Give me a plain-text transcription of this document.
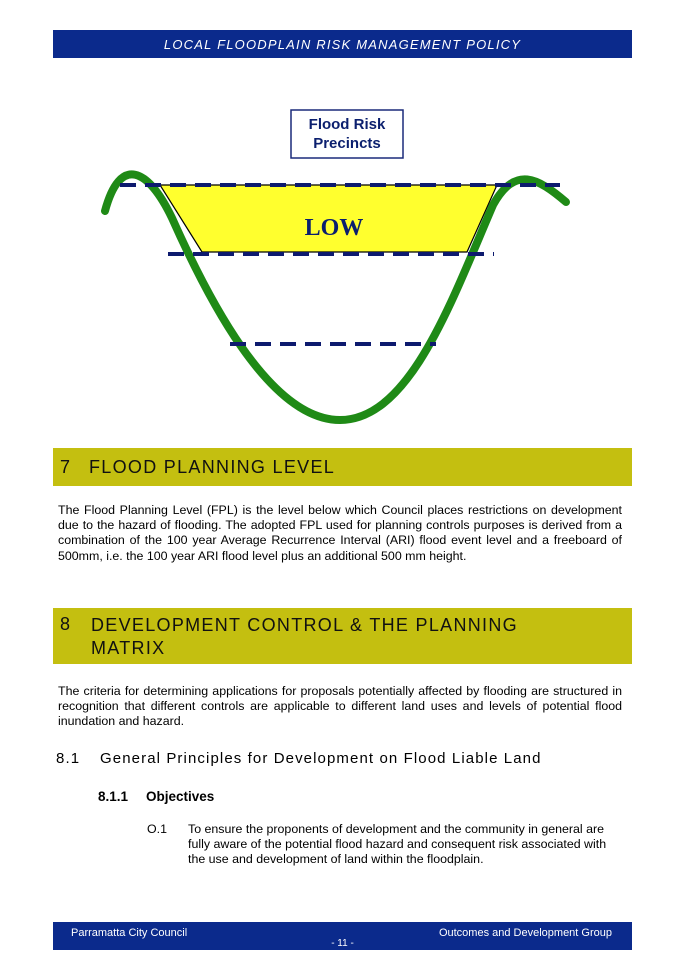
LOCAL FLOODPLAIN RISK MANAGEMENT POLICY
Flood Risk
Precincts
LOW
7 FLOOD PLANNING LEVEL
The Flood Planning Level (FPL) is the level below which Council places restrictions on development due to the hazard of flooding. The adopted FPL used for planning controls purposes is derived from a combination of the 100 year Average Recurrence Interval (ARI) flood event level and a freeboard of 500mm, i.e. the 100 year ARI flood level plus an additional 500 mm height.
8 DEVELOPMENT CONTROL & THE PLANNING MATRIX
The criteria for determining applications for proposals potentially affected by flooding are structured in recognition that different controls are applicable to different land uses and levels of potential flood inundation and hazard.
8.1 General Principles for Development on Flood Liable Land
8.1.1 Objectives
O.1 To ensure the proponents of development and the community in general are fully aware of the potential flood hazard and consequent risk associated with the use and development of land within the floodplain.
Parramatta City Council	Outcomes and Development Group
- 11 -
